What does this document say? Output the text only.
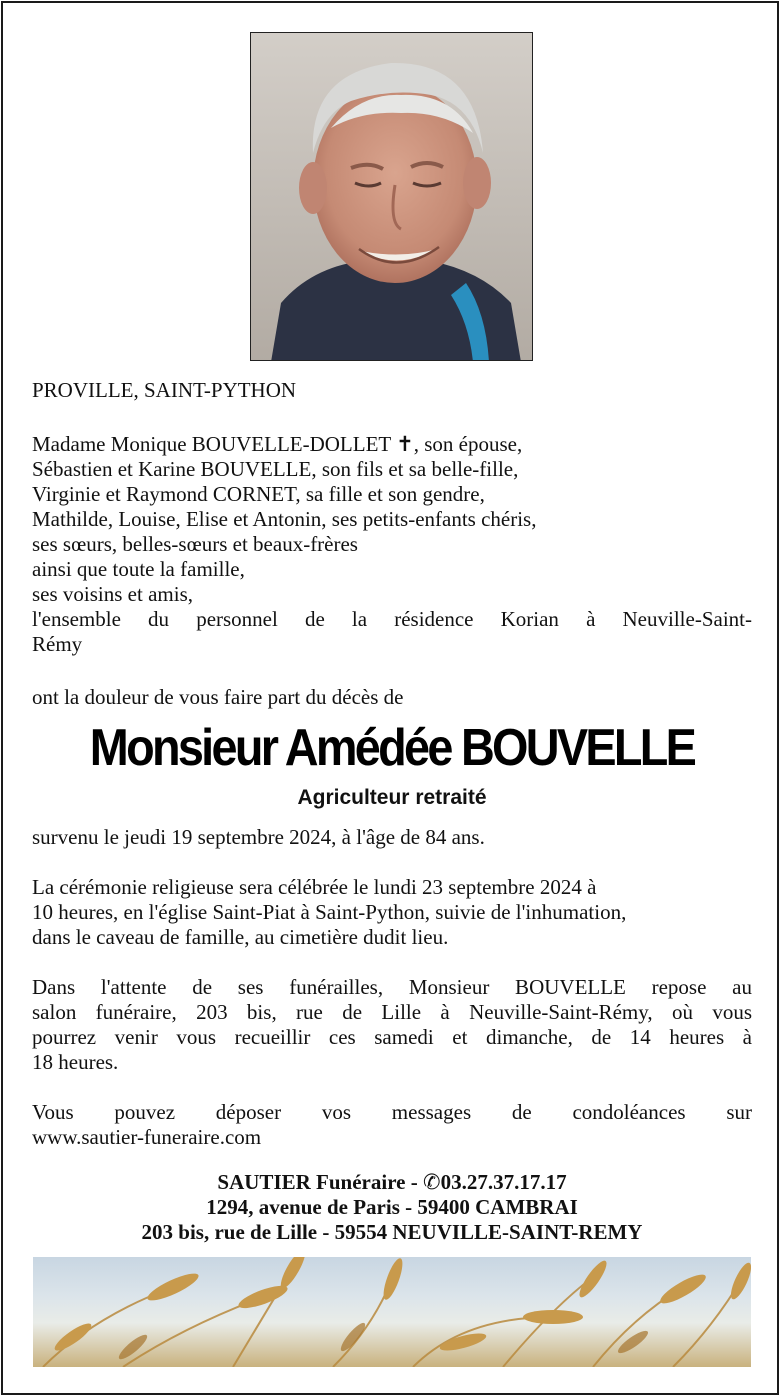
PROVILLE, SAINT-PYTHON
Madame Monique BOUVELLE-DOLLET ✝, son épouse,
Sébastien et Karine BOUVELLE, son fils et sa belle-fille,
Virginie et Raymond CORNET, sa fille et son gendre,
Mathilde, Louise, Elise et Antonin, ses petits-enfants chéris,
ses sœurs, belles-sœurs et beaux-frères
ainsi que toute la famille,
ses voisins et amis,
l'ensemble du personnel de la résidence Korian à Neuville-Saint-
Rémy
ont la douleur de vous faire part du décès de
Monsieur Amédée BOUVELLE
Agriculteur retraité
survenu le jeudi 19 septembre 2024, à l'âge de 84 ans.
La cérémonie religieuse sera célébrée le lundi 23 septembre 2024 à
10 heures, en l'église Saint-Piat à Saint-Python, suivie de l'inhumation,
dans le caveau de famille, au cimetière dudit lieu.
Dans l'attente de ses funérailles, Monsieur BOUVELLE repose au
salon funéraire, 203 bis, rue de Lille à Neuville-Saint-Rémy, où vous
pourrez venir vous recueillir ces samedi et dimanche, de 14 heures à
18 heures.
Vous pouvez déposer vos messages de condoléances sur
www.sautier-funeraire.com
SAUTIER Funéraire - ✆03.27.37.17.17
1294, avenue de Paris - 59400 CAMBRAI
203 bis, rue de Lille - 59554 NEUVILLE-SAINT-REMY
